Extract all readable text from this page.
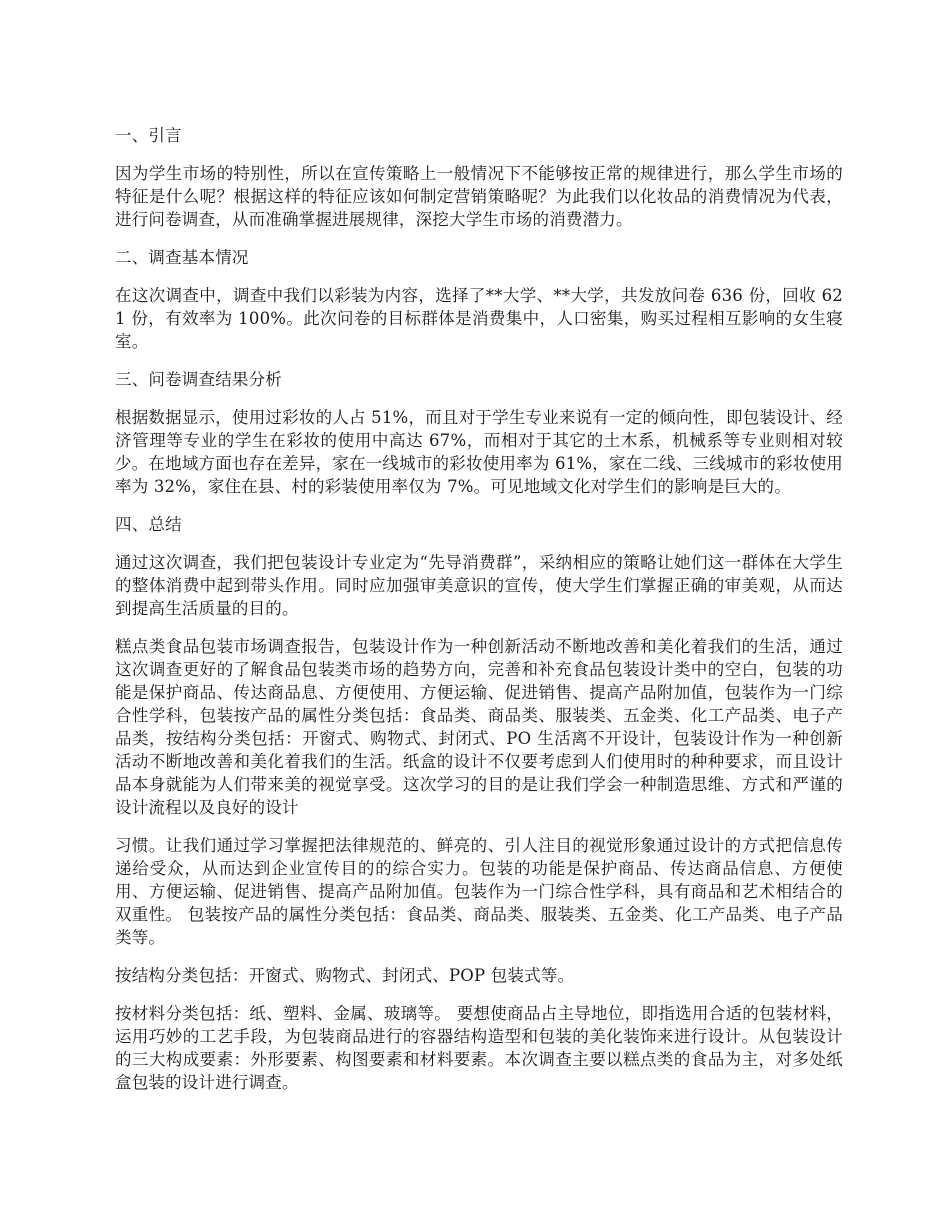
一、引言

因为学生市场的特别性，所以在宣传策略上一般情况下不能够按正常的规律进行，那么学生市场的特征是什么呢？根据这样的特征应该如何制定营销策略呢？为此我们以化妆品的消费情况为代表，进行问卷调查，从而准确掌握进展规律，深挖大学生市场的消费潜力。

二、调查基本情况

在这次调查中，调查中我们以彩装为内容，选择了**大学、**大学，共发放问卷 636 份，回收 621 份，有效率为 100%。此次问卷的目标群体是消费集中，人口密集，购买过程相互影响的女生寝室。

三、问卷调查结果分析

根据数据显示，使用过彩妆的人占 51%，而且对于学生专业来说有一定的倾向性，即包装设计、经济管理等专业的学生在彩妆的使用中高达 67%，而相对于其它的土木系，机械系等专业则相对较少。在地域方面也存在差异，家在一线城市的彩妆使用率为 61%，家在二线、三线城市的彩妆使用率为 32%，家住在县、村的彩装使用率仅为 7%。可见地域文化对学生们的影响是巨大的。

四、总结

通过这次调查，我们把包装设计专业定为“先导消费群”，采纳相应的策略让她们这一群体在大学生的整体消费中起到带头作用。同时应加强审美意识的宣传，使大学生们掌握正确的审美观，从而达到提高生活质量的目的。

糕点类食品包装市场调查报告，包装设计作为一种创新活动不断地改善和美化着我们的生活，通过这次调查更好的了解食品包装类市场的趋势方向，完善和补充食品包装设计类中的空白，包装的功能是保护商品、传达商品息、方便使用、方便运输、促进销售、提高产品附加值，包装作为一门综合性学科，包装按产品的属性分类包括：食品类、商品类、服装类、五金类、化工产品类、电子产品类，按结构分类包括：开窗式、购物式、封闭式、PO 生活离不开设计，包装设计作为一种创新活动不断地改善和美化着我们的生活。纸盒的设计不仅要考虑到人们使用时的种种要求，而且设计品本身就能为人们带来美的视觉享受。这次学习的目的是让我们学会一种制造思维、方式和严谨的设计流程以及良好的设计

习惯。让我们通过学习掌握把法律规范的、鲜亮的、引人注目的视觉形象通过设计的方式把信息传递给受众，从而达到企业宣传目的的综合实力。包装的功能是保护商品、传达商品信息、方便使用、方便运输、促进销售、提高产品附加值。包装作为一门综合性学科，具有商品和艺术相结合的双重性。 包装按产品的属性分类包括：食品类、商品类、服装类、五金类、化工产品类、电子产品类等。

按结构分类包括：开窗式、购物式、封闭式、POP 包装式等。

按材料分类包括：纸、塑料、金属、玻璃等。 要想使商品占主导地位，即指选用合适的包装材料，运用巧妙的工艺手段，为包装商品进行的容器结构造型和包装的美化装饰来进行设计。从包装设计的三大构成要素：外形要素、构图要素和材料要素。本次调查主要以糕点类的食品为主，对多处纸盒包装的设计进行调查。
